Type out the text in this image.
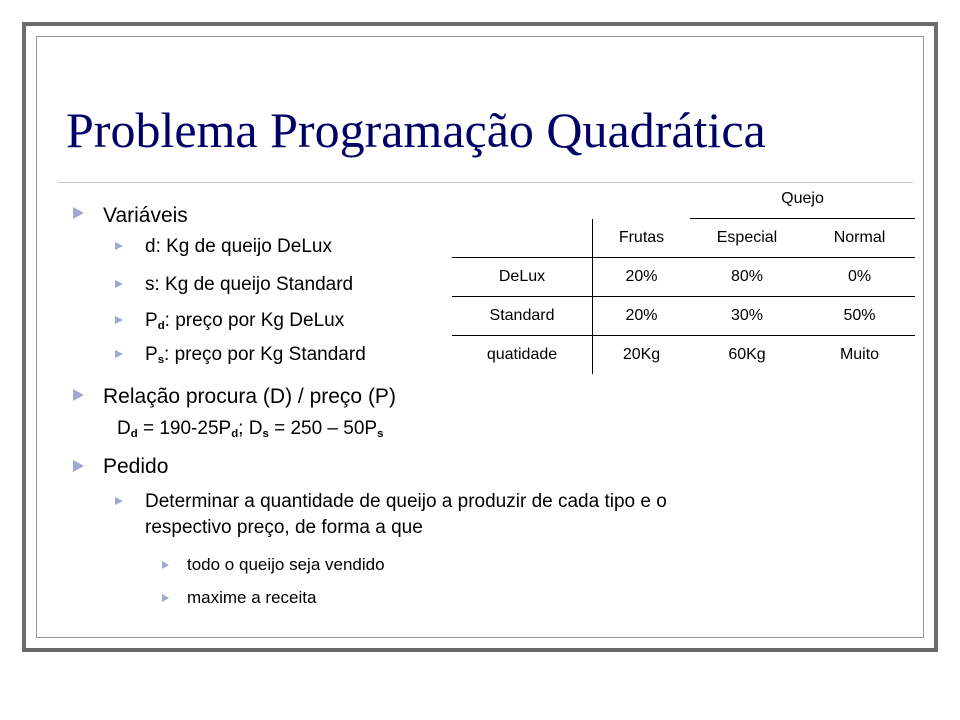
Problema Programação Quadrática
Variáveis
d: Kg de queijo DeLux
s: Kg de queijo Standard
$P_d$: preço por Kg DeLux
$P_s$: preço por Kg Standard
Relação procura (D) / preço (P)
$D_d = 190-25P_d$; $D_s = 250 - 50P_s$
Pedido
Determinar a quantidade de queijo a produzir de cada tipo e o
respectivo preço, de forma a que
todo o queijo seja vendido
maxime a receita
		Quejo	
	Frutas	Especial	Normal
DeLux	20%	80%	0%
Standard	20%	30%	50%
quatidade	20Kg	60Kg	Muito
